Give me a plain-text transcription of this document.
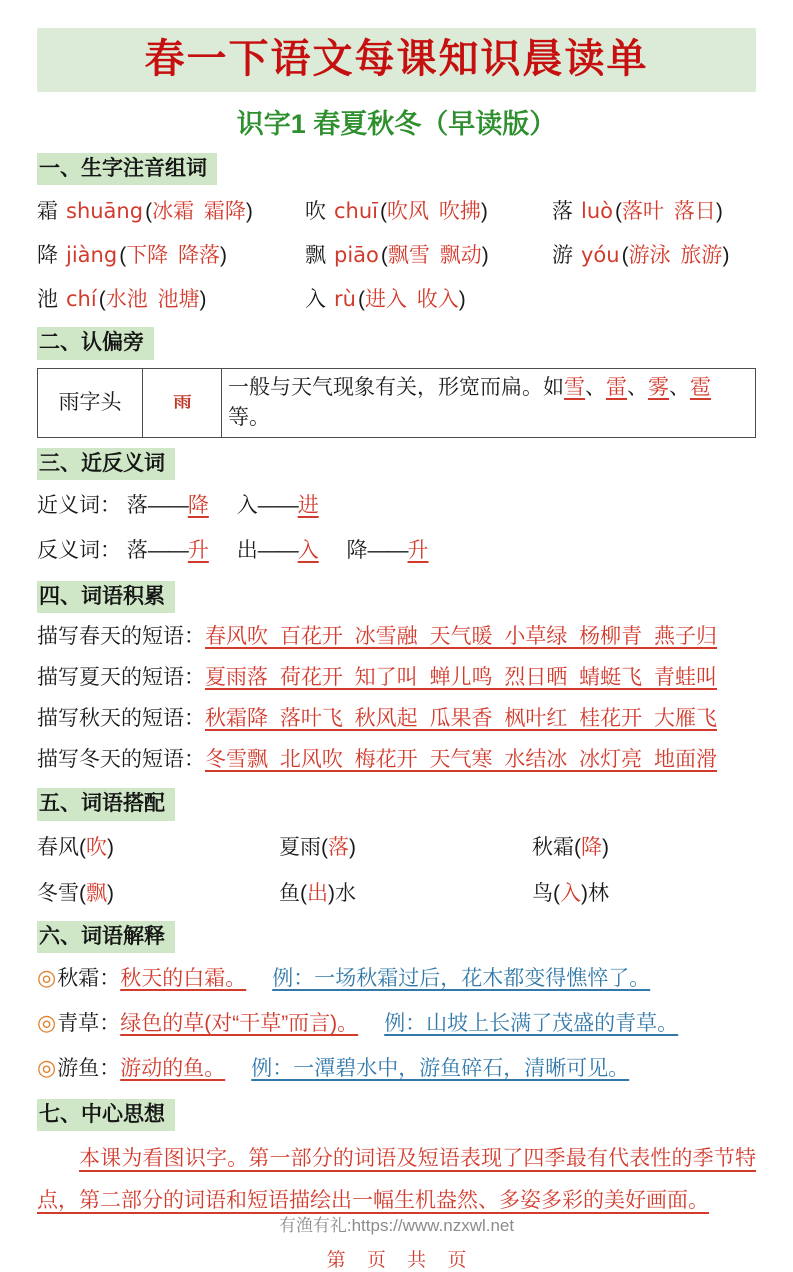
春一下语文每课知识晨读单
识字1 春夏秋冬（早读版）
一、生字注音组词
霜 shuāng(冰霜 霜降)	吹 chuī(吹风 吹拂)	落 luò(落叶 落日)
降 jiàng(下降 降落)	飘 piāo(飘雪 飘动)	游 yóu(游泳 旅游)
池 chí(水池 池塘)	入 rù(进入 收入)
二、认偏旁
雨字头	雨	一般与天气现象有关，形宽而扁。如雪、雷、雾、雹等。
三、近反义词
近义词： 落——降 入——进
反义词： 落——升 出——入 降——升
四、词语积累
描写春天的短语：春风吹 百花开 冰雪融 天气暖 小草绿 杨柳青 燕子归
描写夏天的短语：夏雨落 荷花开 知了叫 蝉儿鸣 烈日晒 蜻蜓飞 青蛙叫
描写秋天的短语：秋霜降 落叶飞 秋风起 瓜果香 枫叶红 桂花开 大雁飞
描写冬天的短语：冬雪飘 北风吹 梅花开 天气寒 水结冰 冰灯亮 地面滑
五、词语搭配
春风(吹)	夏雨(落)	秋霜(降)
冬雪(飘)	鱼(出)水	鸟(入)林
六、词语解释
◎秋霜：秋天的白霜。 例：一场秋霜过后，花木都变得憔悴了。
◎青草：绿色的草(对“干草”而言)。 例：山坡上长满了茂盛的青草。
◎游鱼：游动的鱼。 例：一潭碧水中，游鱼碎石，清晰可见。
七、中心思想
本课为看图识字。第一部分的词语及短语表现了四季最有代表性的季节特点，第二部分的词语和短语描绘出一幅生机盎然、多姿多彩的美好画面。
有渔有礼:https://www.nzxwl.net
第 页 共 页
